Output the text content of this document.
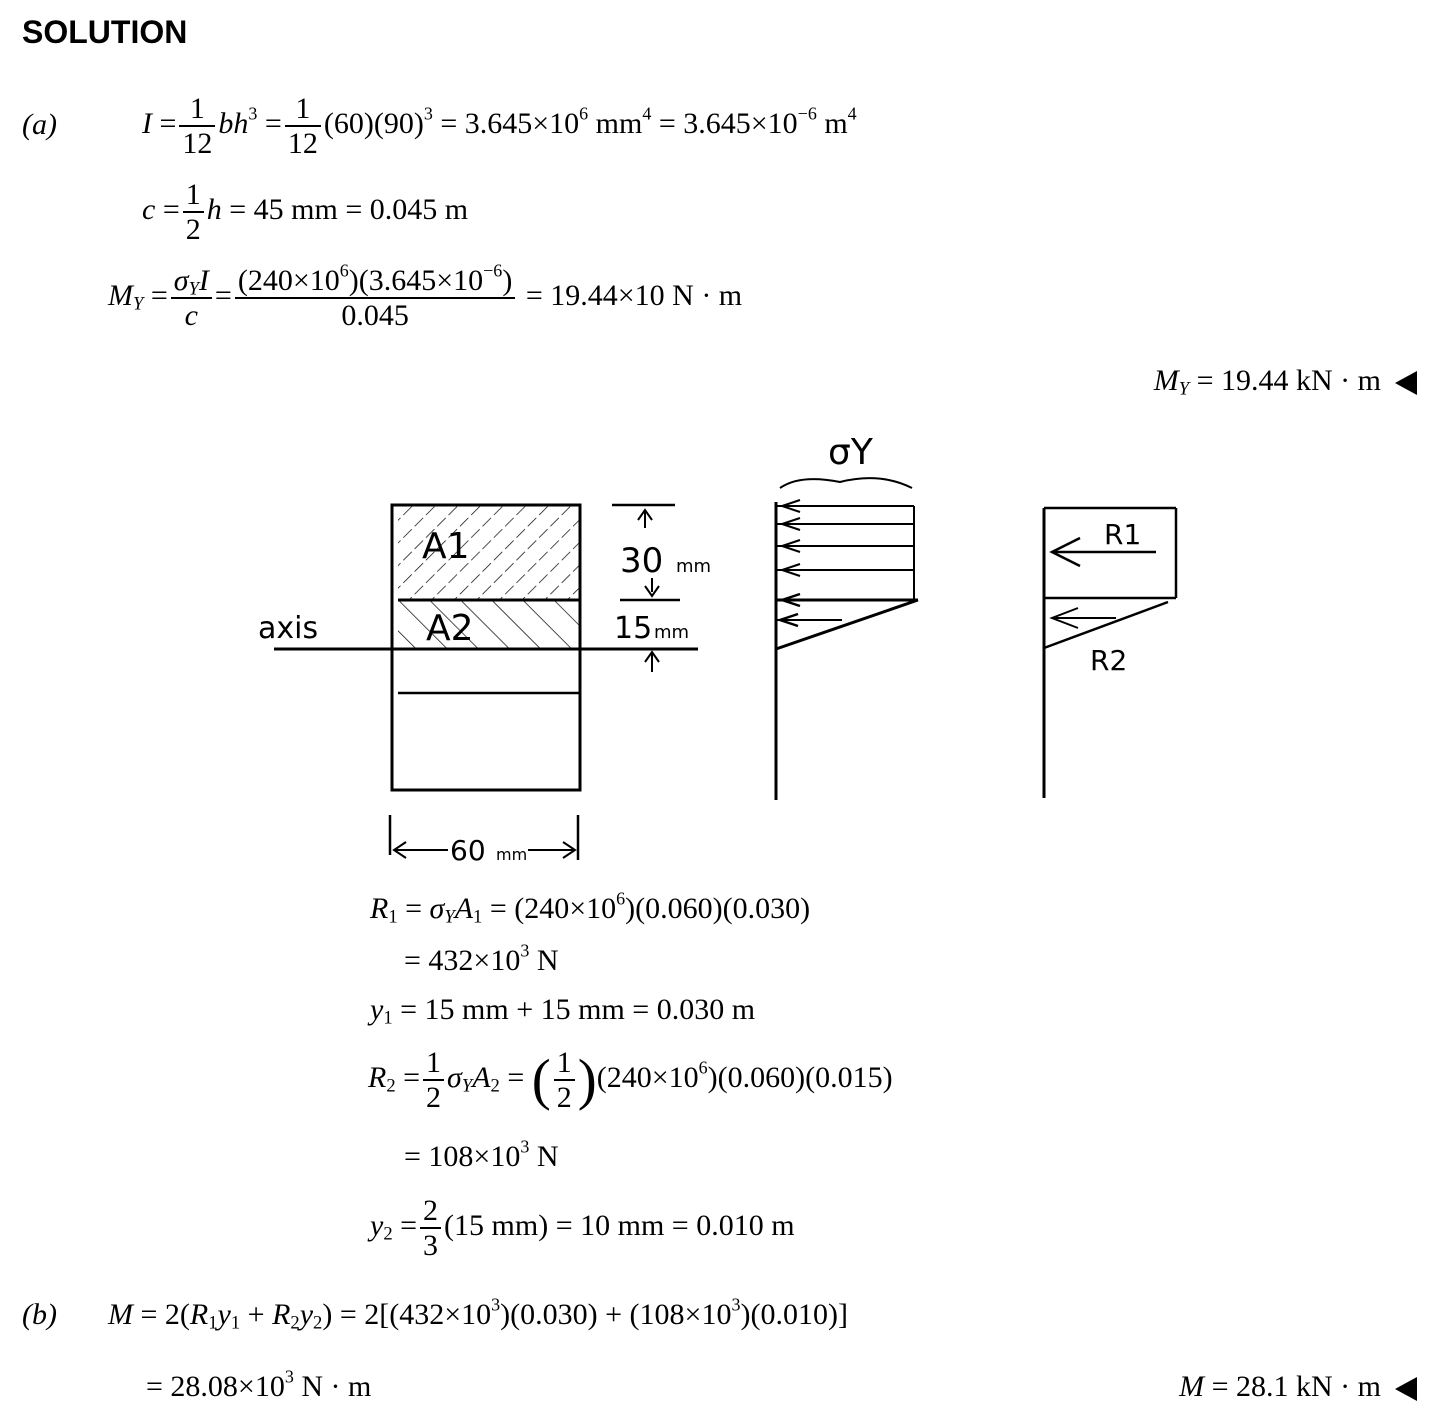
SOLUTION
(a)	$I = \frac{1}{12} bh^3 = \frac{1}{12} (60)(90)^3 = 3.645\times 10^6$ $mm^4 = 3.645\times 10^{-6}$ $m^4$
$c = \frac{1}{2}$ h = 45 mm = 0.045 m
$M_Y = \frac{\sigma_YI}{c} = \frac{(240\times 10^6)(3.645\times 10^{-6})}{0.045} = 19.44\times 10$ N · m
$M_Y = 19.44$ kN · m
axis
A1
A2
30 mm
15 mm
60 mm
σY
R1
R2
$R_1 = \sigma_YA_1 = (240\times 10^6)(0.060)(0.030)$
= $432\times 10^3$ N
$y_1 = 15$ mm + 15 mm = 0.030 m
$R_2 = \frac{1}{2} \sigma_YA_2$ = ( $\frac{1}{2} )(240\times 10^6)(0.060)(0.015)$
= $108\times 10^3$ N
$y_2 = \frac{2}{3} (15$ mm) = 10 mm = 0.010 m
(b) $M = 2(R_1y_1 + R_2y_2) = 2[(432\times 10^3)(0.030) + (108\times 10^3)(0.010)]$
= $28.08\times 10^3$ N · m	M = 28.1 kN · m
